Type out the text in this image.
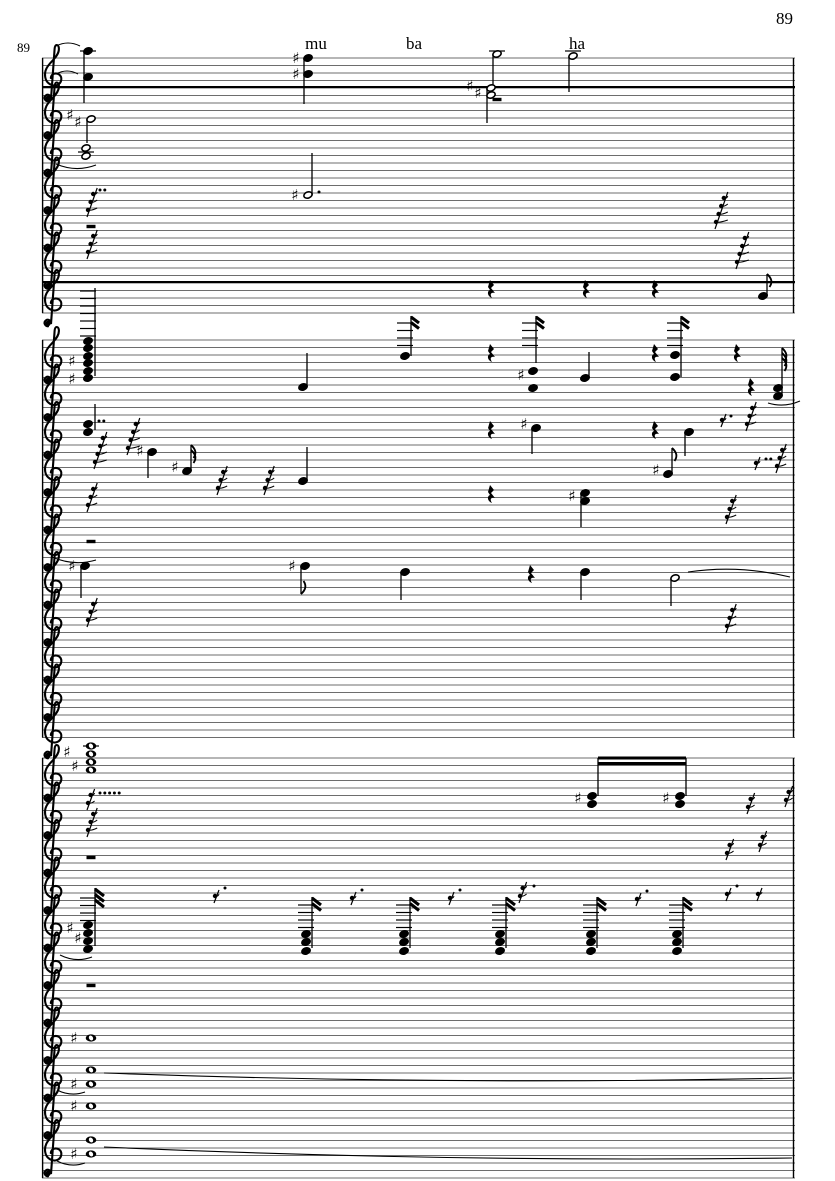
♯
♯
♯ ♯
♯ ♯
♯
♯
♯	♯
♯
♯
♯
♯
♯
♯	♯
♯
♯
♯	♯
♯
♯
♯
♯
♯
♯
89
89	mu	ba	ha
